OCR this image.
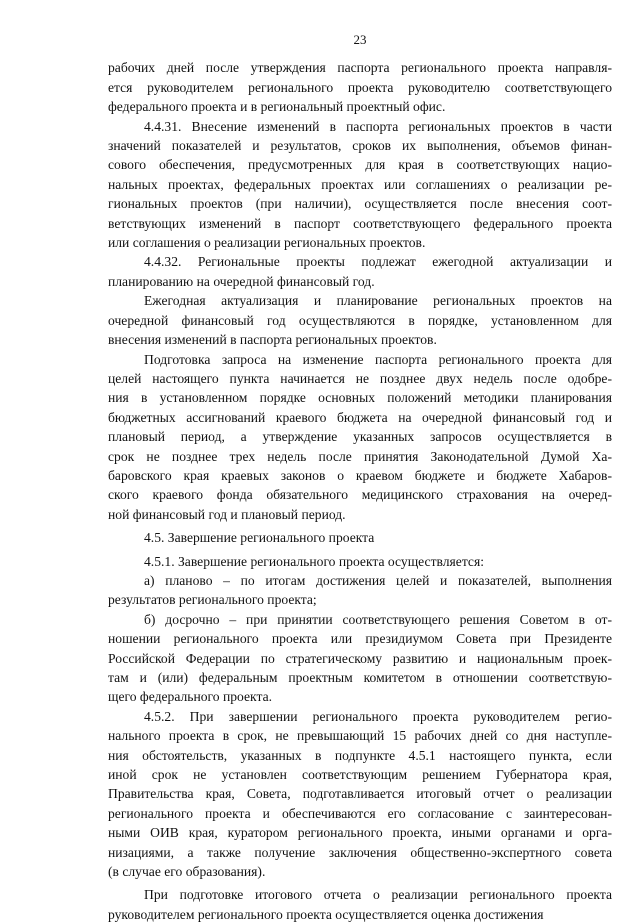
23
рабочих дней после утверждения паспорта регионального проекта направля-
ется руководителем регионального проекта руководителю соответствующего
федерального проекта и в региональный проектный офис.
4.4.31. Внесение изменений в паспорта региональных проектов в части
значений показателей и результатов, сроков их выполнения, объемов финан-
сового обеспечения, предусмотренных для края в соответствующих нацио-
нальных проектах, федеральных проектах или соглашениях о реализации ре-
гиональных проектов (при наличии), осуществляется после внесения соот-
ветствующих изменений в паспорт соответствующего федерального проекта
или соглашения о реализации региональных проектов.
4.4.32. Региональные проекты подлежат ежегодной актуализации и
планированию на очередной финансовый год.
Ежегодная актуализация и планирование региональных проектов на
очередной финансовый год осуществляются в порядке, установленном для
внесения изменений в паспорта региональных проектов.
Подготовка запроса на изменение паспорта регионального проекта для
целей настоящего пункта начинается не позднее двух недель после одобре-
ния в установленном порядке основных положений методики планирования
бюджетных ассигнований краевого бюджета на очередной финансовый год и
плановый период, а утверждение указанных запросов осуществляется в
срок не позднее трех недель после принятия Законодательной Думой Ха-
баровского края краевых законов о краевом бюджете и бюджете Хабаров-
ского краевого фонда обязательного медицинского страхования на очеред-
ной финансовый год и плановый период.
4.5. Завершение регионального проекта
4.5.1. Завершение регионального проекта осуществляется:
а) планово – по итогам достижения целей и показателей, выполнения
результатов регионального проекта;
б) досрочно – при принятии соответствующего решения Советом в от-
ношении регионального проекта или президиумом Совета при Президенте
Российской Федерации по стратегическому развитию и национальным проек-
там и (или) федеральным проектным комитетом в отношении соответствую-
щего федерального проекта.
4.5.2. При завершении регионального проекта руководителем регио-
нального проекта в срок, не превышающий 15 рабочих дней со дня наступле-
ния обстоятельств, указанных в подпункте 4.5.1 настоящего пункта, если
иной срок не установлен соответствующим решением Губернатора края,
Правительства края, Совета, подготавливается итоговый отчет о реализации
регионального проекта и обеспечиваются его согласование с заинтересован-
ными ОИВ края, куратором регионального проекта, иными органами и орга-
низациями, а также получение заключения общественно-экспертного совета
(в случае его образования).
При подготовке итогового отчета о реализации регионального проекта
руководителем регионального проекта осуществляется оценка достижения
